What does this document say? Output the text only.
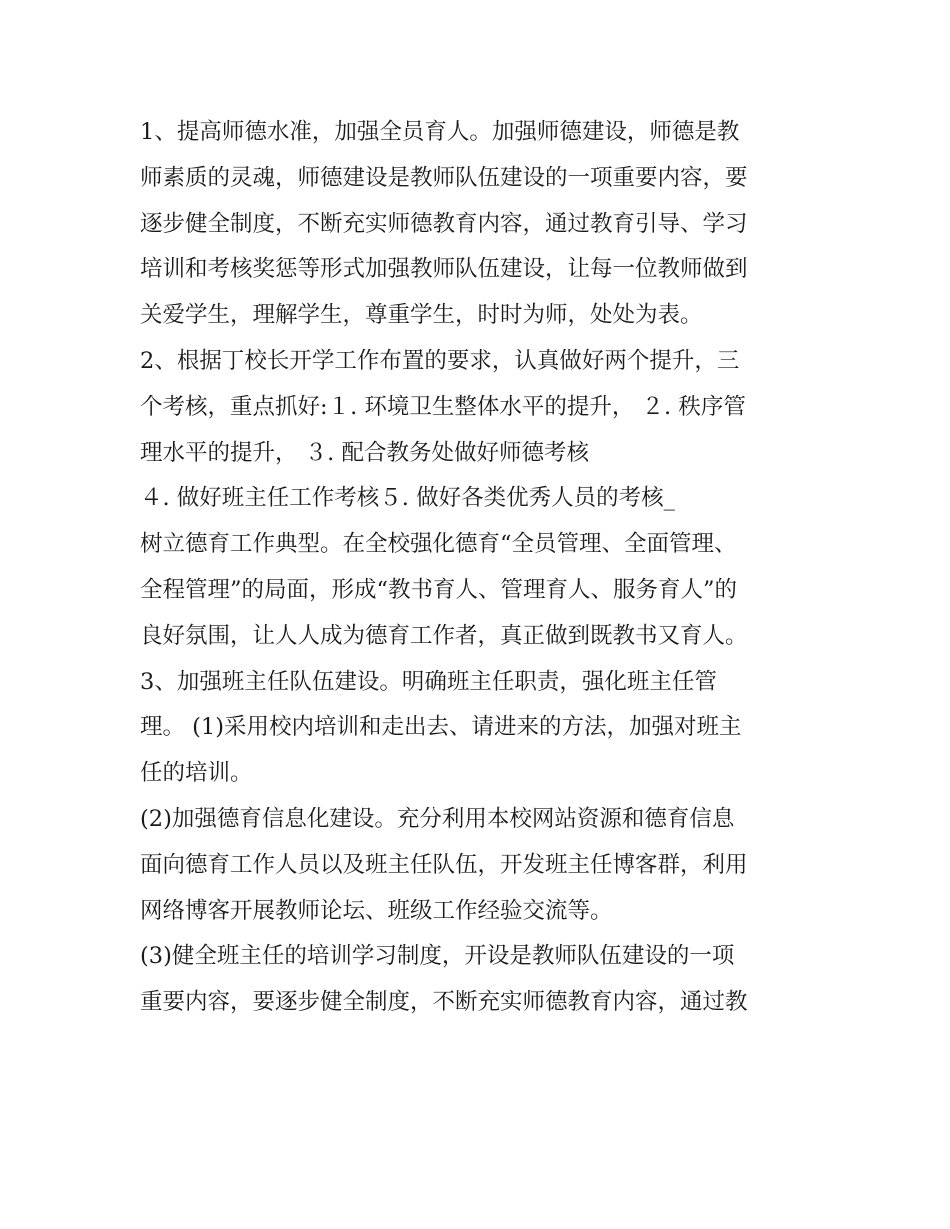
1、提高师德水准，加强全员育人。加强师德建设，师德是教
师素质的灵魂，师德建设是教师队伍建设的一项重要内容，要
逐步健全制度，不断充实师德教育内容，通过教育引导、学习
培训和考核奖惩等形式加强教师队伍建设，让每一位教师做到
关爱学生，理解学生，尊重学生，时时为师，处处为表。
2、根据丁校长开学工作布置的要求，认真做好两个提升，三
个考核，重点抓好:１. 环境卫生整体水平的提升， ２. 秩序管
理水平的提升， ３. 配合教务处做好师德考核
４. 做好班主任工作考核５. 做好各类优秀人员的考核_
树立德育工作典型。在全校强化德育“全员管理、全面管理、
全程管理”的局面，形成“教书育人、管理育人、服务育人”的
良好氛围，让人人成为德育工作者，真正做到既教书又育人。
3、加强班主任队伍建设。明确班主任职责，强化班主任管
理。 (1)采用校内培训和走出去、请进来的方法，加强对班主
任的培训。
(2)加强德育信息化建设。充分利用本校网站资源和德育信息
面向德育工作人员以及班主任队伍，开发班主任博客群，利用
网络博客开展教师论坛、班级工作经验交流等。
(3)健全班主任的培训学习制度，开设是教师队伍建设的一项
重要内容，要逐步健全制度，不断充实师德教育内容，通过教
